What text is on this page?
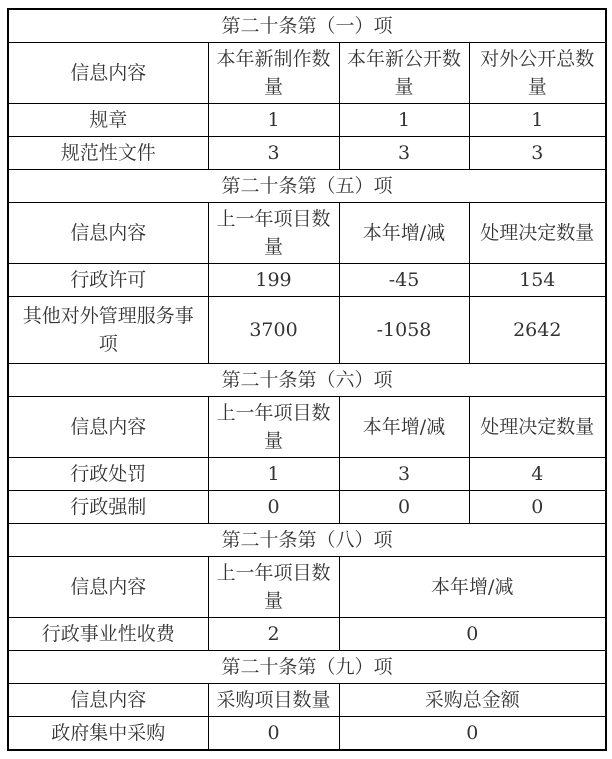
第二十条第（一）项			
信息内容	本年新制作数量	本年新公开数量	对外公开总数量
规章	1	1	1
规范性文件	3	3	3
第二十条第（五）项			
信息内容	上一年项目数量	本年增/减	处理决定数量
行政许可	199	-45	154
其他对外管理服务事项	3700	-1058	2642
第二十条第（六）项			
信息内容	上一年项目数量	本年增/减	处理决定数量
行政处罚	1	3	4
行政强制	0	0	0
第二十条第（八）项			
信息内容	上一年项目数量	本年增/减	
行政事业性收费	2	0	
第二十条第（九）项			
信息内容	采购项目数量	采购总金额	
政府集中采购	0	0	
